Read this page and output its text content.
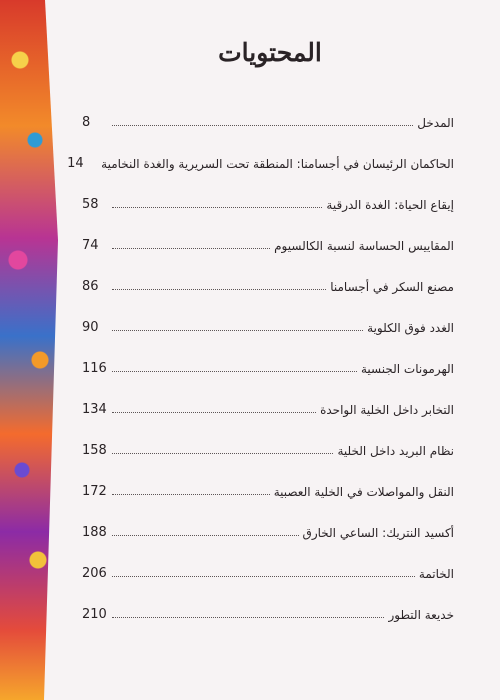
المحتويات
المدخل
8
الحاكمان الرئيسان في أجسامنا: المنطقة تحت السريرية والغدة النخامية
14
إيقاع الحياة: الغدة الدرقية
58
المقاييس الحساسة لنسبة الكالسيوم
74
مصنع السكر في أجسامنا
86
الغدد فوق الكلوية
90
الهرمونات الجنسية
116
التخابر داخل الخلية الواحدة
134
نظام البريد داخل الخلية
158
النقل والمواصلات في الخلية العصبية
172
أكسيد النتريك: الساعي الخارق
188
الخاتمة
206
خديعة التطور
210
